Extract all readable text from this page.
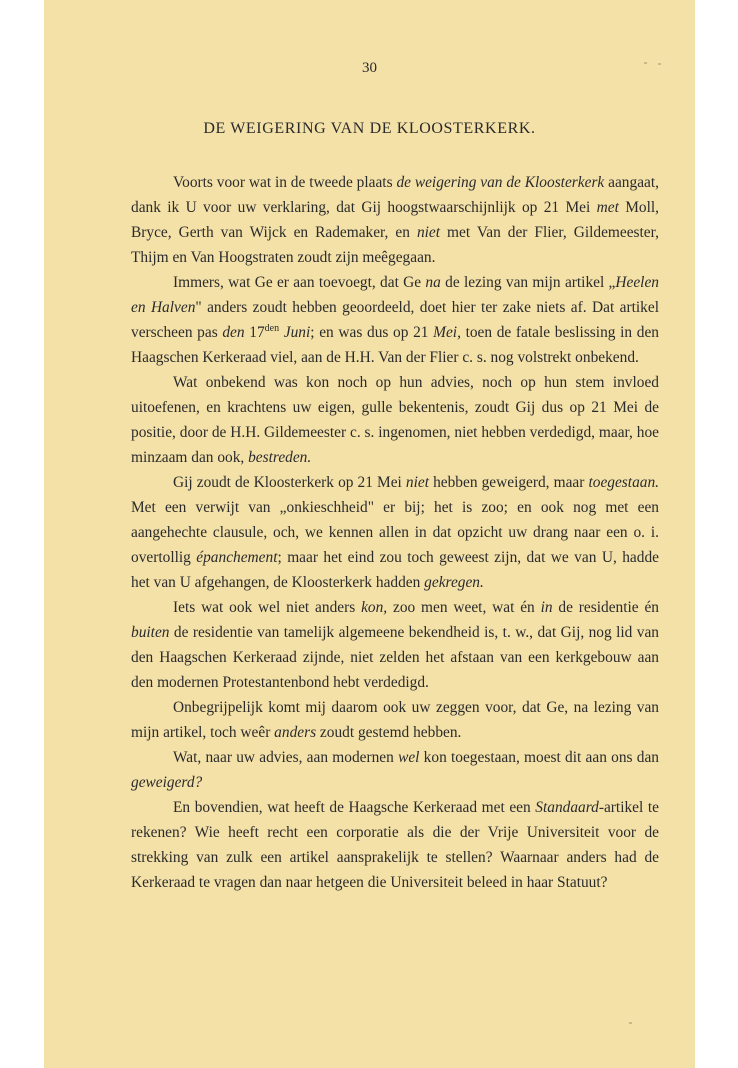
30
DE WEIGERING VAN DE KLOOSTERKERK.

Voorts voor wat in de tweede plaats de weigering van de Kloosterkerk aangaat, dank ik U voor uw verklaring, dat Gij hoogstwaarschijnlijk op 21 Mei met Moll, Bryce, Gerth van Wijck en Rademaker, en niet met Van der Flier, Gildemeester, Thijm en Van Hoogstraten zoudt zijn meêgegaan.

Immers, wat Ge er aan toevoegt, dat Ge na de lezing van mijn artikel „Heelen en Halven" anders zoudt hebben geoordeeld, doet hier ter zake niets af. Dat artikel verscheen pas den $17^{den}$ Juni; en was dus op 21 Mei, toen de fatale beslissing in den Haagschen Kerkeraad viel, aan de H.H. Van der Flier c. s. nog volstrekt onbekend.

Wat onbekend was kon noch op hun advies, noch op hun stem invloed uitoefenen, en krachtens uw eigen, gulle bekentenis, zoudt Gij dus op 21 Mei de positie, door de H.H. Gildemeester c. s. ingenomen, niet hebben verdedigd, maar, hoe minzaam dan ook, bestreden.

Gij zoudt de Kloosterkerk op 21 Mei niet hebben geweigerd, maar toegestaan. Met een verwijt van „onkieschheid" er bij; het is zoo; en ook nog met een aangehechte clausule, och, we kennen allen in dat opzicht uw drang naar een o. i. overtollig épanchement; maar het eind zou toch geweest zijn, dat we van U, hadde het van U afgehangen, de Kloosterkerk hadden gekregen.

Iets wat ook wel niet anders kon, zoo men weet, wat én in de residentie én buiten de residentie van tamelijk algemeene bekendheid is, t. w., dat Gij, nog lid van den Haagschen Kerkeraad zijnde, niet zelden het afstaan van een kerkgebouw aan den modernen Protestantenbond hebt verdedigd.

Onbegrijpelijk komt mij daarom ook uw zeggen voor, dat Ge, na lezing van mijn artikel, toch weêr anders zoudt gestemd hebben.

Wat, naar uw advies, aan modernen wel kon toegestaan, moest dit aan ons dan geweigerd?

En bovendien, wat heeft de Haagsche Kerkeraad met een Standaard-artikel te rekenen? Wie heeft recht een corporatie als die der Vrije Universiteit voor de strekking van zulk een artikel aansprakelijk te stellen? Waarnaar anders had de Kerkeraad te vragen dan naar hetgeen die Universiteit beleed in haar Statuut?
